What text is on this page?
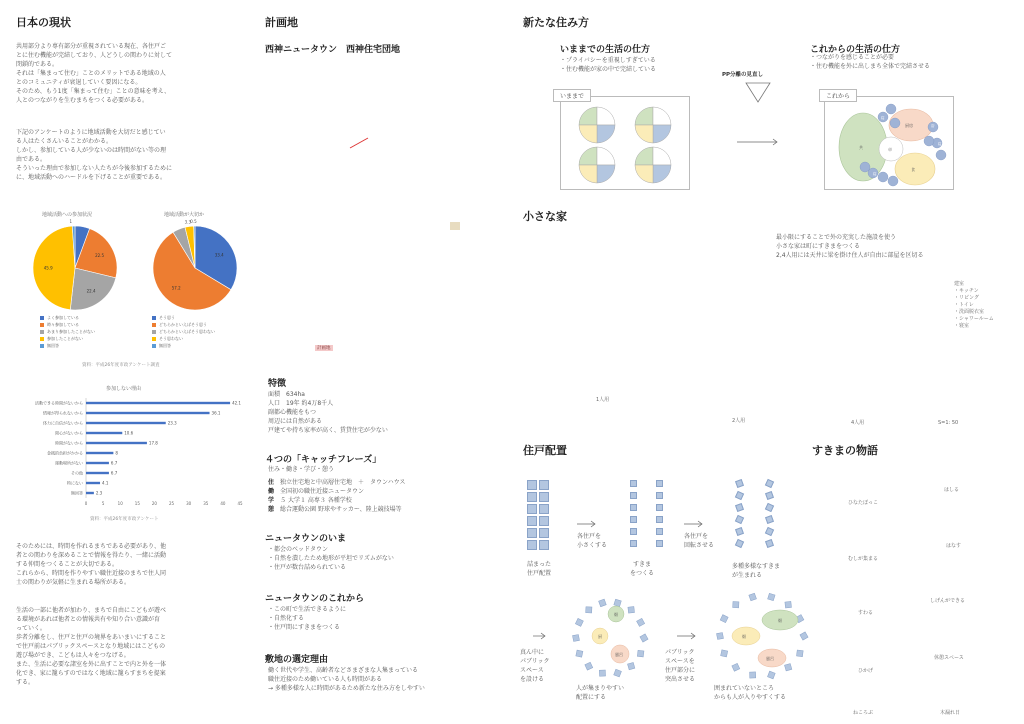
日本の現状
共用部分より専有部分が重視されている現在、各住戸ご
とに住む機能が完結しており、人どうしの関わりに対して
閉鎖的である。
それは「集まって住む」ことのメリットである地域の人
とのコミュニティが衰退していく要因になる。
そのため、もう1度「集まって住む」ことの意味を考え、
人とのつながりを生むまちをつくる必要がある。
下記のアンケートのように地域活動を大切だと感じてい
る人はたくさんいることがわかる。
しかし、参加している人が少ないのは時間がない等の理
由である。
そういった理由で参加しない人たちが今後参加するために
に、地域活動へのハードルを下げることが重要である。
地域活動への参加状況
22.5
22.4
45.9
1
よく参加している
時々参加している
あまり参加したことがない
参加したことがない
無回答
地域活動が大切か
33.4
57.2
3.3 0.5
そう思う
どちらかといえばそう思う
どちらかといえばそう思わない
そう思わない
無回答
資料：平成26年度市政アンケート調査
参加しない理由
活動できる時間がないから	42.1
情報が得られないから	36.1
体力に自信がないから	23.3
関心がないから	10.6
時間がないから	17.8
金銭的負担がかかる	8
運動場所がない	6.7
その他	6.7
特にない	4.1
無回答	2.3
0	5	10	15	20	25	30	35	40	45
資料：平成26年度市政アンケート
そのためには、時間を作れるまちである必要があり、他
者との関わりを深めることで情報を得たり、一緒に活動
する仲間をつくることが大切である。
これらから、時間を作りやすい職住近接のまちで住人同
士の関わりが気軽に生まれる場所がある。
生活の一部に他者が加わり、まちで自由にこどもが遊べ
る環境があれば他者との情報共有や知り合い意識が育
っていく。
歩者分離をし、住戸と住戸の境界をあいまいにすること
で住戸前はパブリックスペースとなり地域にはこどもの
遊び場ができ、こどもは人々をつなげる。
また、生活に必要な諸室を外に出すことで内と外を一体
化でき、家に籠らすのではなく地域に籠らすまちを提案
する。
計画地
西神ニュータウン　西神住宅団地
計画地
特徴
面積　634ha
人口　19年 約4万8千人
副都心機能をもつ
周辺には自然がある
戸建てや持ち家率が高く、賃貸住宅が少ない
４つの「キャッチフレーズ」
住み・働き・学び・憩う
住　 独立住宅地と中高層住宅地　＋　タウンハウス
働　 全国初の職住近接ニュータウン
学　 ５ 大学１ 高専３ 各種学校
憩　 総合運動公園 野球やサッカー、陸上競技場等
ニュータウンのいま
・都会のベッドタウン
・自然を潰したため地形が平坦でリズムがない
・住戸が数台詰められている
ニュータウンのこれから
・この町で生活できるように
・自然化する
・住戸間にすきまをつくる
敷地の選定理由
働く世代や学生、高齢者などさまざまな人集まっている
職住近接のため働いている人も時間がある
→ 多種多様な人に時間があるため新たな住み方をしやすい
新たな住み方
いままでの生活の仕方
・プライバシーを重視しすぎている
・住む機能が家の中で完結している
これからの生活の仕方
・つながりを感じることが必要
・住む機能を外に出しまち全体で完結させる
PP分離の見直し
いままで	これから
共
厨房
食
卓
寝
寝
寝
浴
小さな家
最小限にすることで外の充実した施設を使う
小さな家は町にすきまをつくる
2,4人用には天井に梁を掛け住人が自由に部屋を区切る
建室
・キッチン
・リビング
・トイレ
・洗面脱衣室
・シャワールーム
・寝室
1人用
2人用	4人用	S=1: 50
住戸配置
詰まった
住戸配置
各住戸を
小さくする
すきま
をつくる
各住戸を
回転させる
多種多様なすきま
が生まれる
真ん中に
パブリック
スペース
を設ける
畑
厨
風呂
人が集まりやすい
配置にする
パブリック
スペースを
住戸部分に
突出させる
畑
畑
風呂
囲まれていないところ
からも人が入りやすくする
すきまの物語
ひなたぼっこ
むしが集まる
すわる
ひかげ
ねころぶ
はしる
はなす
しげんができる
休憩スペース
木漏れ日
